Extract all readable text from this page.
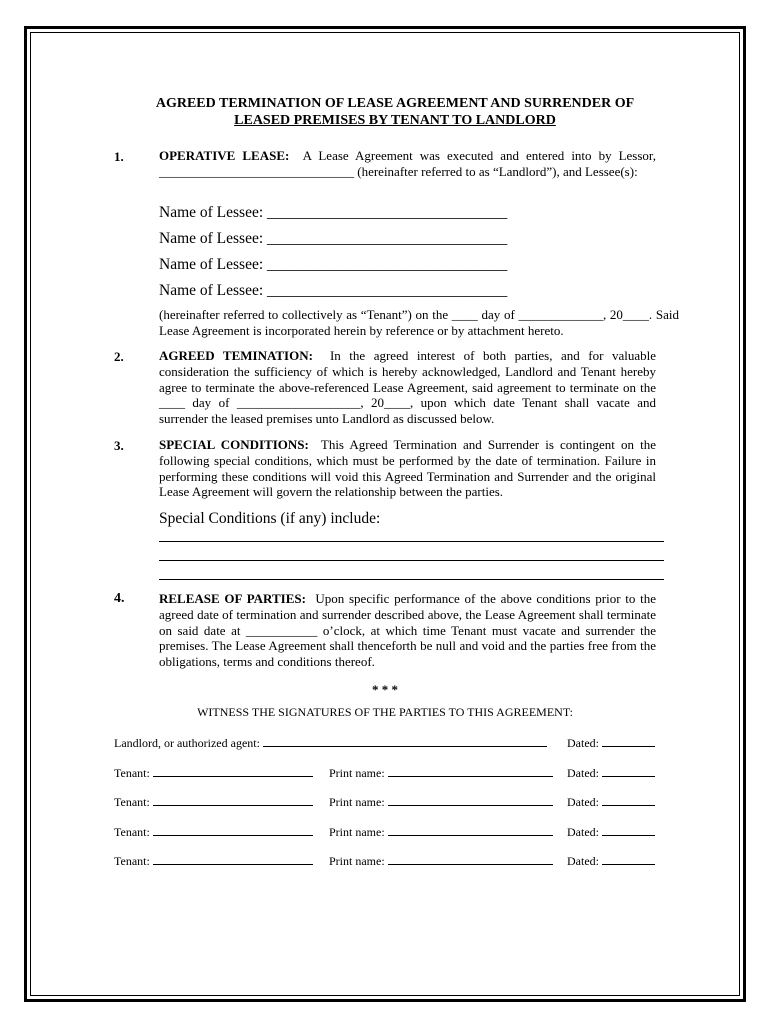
AGREED TERMINATION OF LEASE AGREEMENT AND SURRENDER OF
LEASED PREMISES BY TENANT TO LANDLORD
1.	OPERATIVE LEASE: A Lease Agreement was executed and entered into by Lessor, ______________________________ (hereinafter referred to as “Landlord”), and Lessee(s):
Name of Lessee: _______________________________
Name of Lessee: _______________________________
Name of Lessee: _______________________________
Name of Lessee: _______________________________
(hereinafter referred to collectively as “Tenant”) on the ____ day of _____________, 20____. Said Lease Agreement is incorporated herein by reference or by attachment hereto.
2.	AGREED TEMINATION: In the agreed interest of both parties, and for valuable consideration the sufficiency of which is hereby acknowledged, Landlord and Tenant hereby agree to terminate the above-referenced Lease Agreement, said agreement to terminate on the ____ day of ___________________, 20____, upon which date Tenant shall vacate and surrender the leased premises unto Landlord as discussed below.
3.	SPECIAL CONDITIONS: This Agreed Termination and Surrender is contingent on the following special conditions, which must be performed by the date of termination. Failure in performing these conditions will void this Agreed Termination and Surrender and the original Lease Agreement will govern the relationship between the parties.
Special Conditions (if any) include:
4.	RELEASE OF PARTIES: Upon specific performance of the above conditions prior to the agreed date of termination and surrender described above, the Lease Agreement shall terminate on said date at ___________ o’clock, at which time Tenant must vacate and surrender the premises. The Lease Agreement shall thenceforth be null and void and the parties free from the obligations, terms and conditions thereof.
* * *
WITNESS THE SIGNATURES OF THE PARTIES TO THIS AGREEMENT:
Landlord, or authorized agent:	Dated:
Tenant:	Print name:	Dated:
Tenant:	Print name:	Dated:
Tenant:	Print name:	Dated:
Tenant:	Print name:	Dated:
